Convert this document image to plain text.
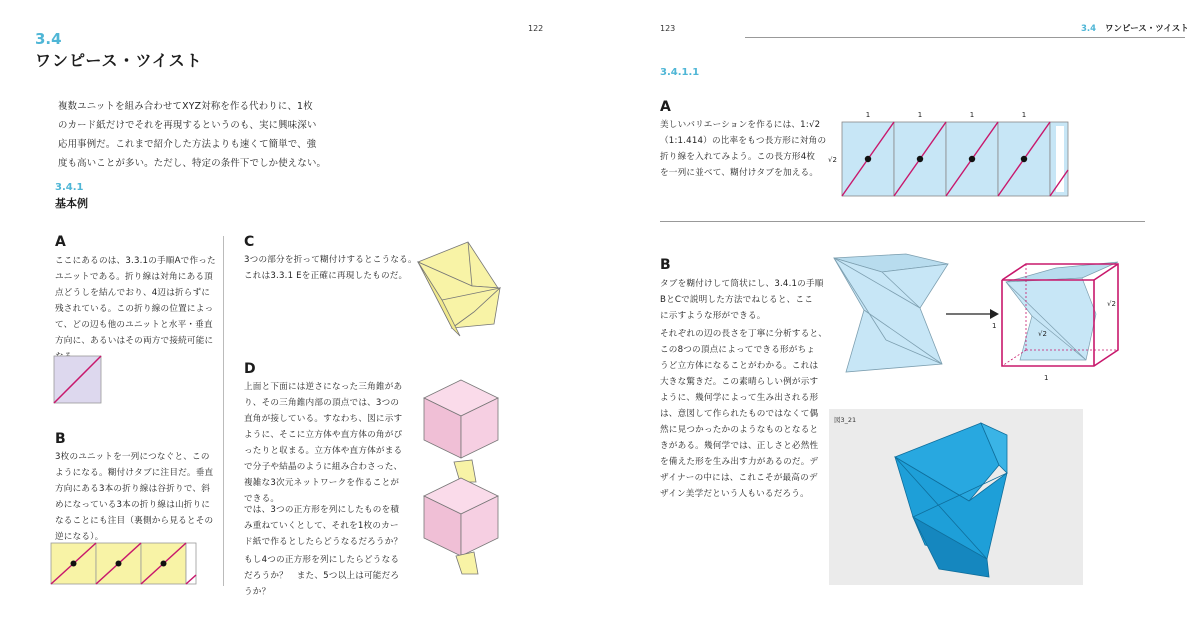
122
3.4
ワンピース・ツイスト
複数ユニットを組み合わせてXYZ対称を作る代わりに、1枚
のカード紙だけでそれを再現するというのも、実に興味深い
応用事例だ。これまで紹介した方法よりも速くて簡単で、強
度も高いことが多い。ただし、特定の条件下でしか使えない。
3.4.1
基本例
A
ここにあるのは、3.3.1の手順Aで作った
ユニットである。折り線は対角にある頂
点どうしを結んでおり、4辺は折らずに
残されている。この折り線の位置によっ
て、どの辺も他のユニットと水平・垂直
方向に、あるいはその両方で接続可能に
B
3枚のユニットを一列につなぐと、この
ようになる。糊付けタブに注目だ。垂直
方向にある3本の折り線は谷折りで、斜
めになっている3本の折り線は山折りに
なることにも注目（裏側から見るとその
逆になる）。
C
3つの部分を折って糊付けするとこうなる。
これは3.3.1 Eを正確に再現したものだ。
D
上面と下面には逆さになった三角錐があ
り、その三角錐内部の頂点では、3つの
直角が接している。すなわち、図に示す
ように、そこに立方体や直方体の角がぴ
ったりと収まる。立方体や直方体がまる
で分子や結晶のように組み合わさった、
複雑な3次元ネットワークを作ることが
できる。
では、3つの正方形を列にしたものを積
み重ねていくとして、それを1枚のカー
ド紙で作るとしたらどうなるだろうか？
もし4つの正方形を列にしたらどうなる
だろうか？　また、5つ以上は可能だろ
うか？
123	3.4 ワンピース・ツイスト
3.4.1.1
A
美しいバリエーションを作るには、1:√2
（1:1.414）の比率をもつ長方形に対角の
折り線を入れてみよう。この長方形4枚
を一列に並べて、糊付けタブを加える。
1	1	1	1
√2
B
タブを糊付けして筒状にし、3.4.1の手順
BとCで説明した方法でねじると、ここ
に示すような形ができる。
それぞれの辺の長さを丁寧に分析すると、
この8つの頂点によってできる形がちょ
うど立方体になることがわかる。これは
大きな驚きだ。この素晴らしい例が示す
ように、幾何学によって生み出される形
は、意図して作られたものではなくて偶
然に見つかったかのようなものとなると
きがある。幾何学では、正しさと必然性
を備えた形を生み出す力があるのだ。デ
ザイナーの中には、これこそが最高のデ
ザイン美学だという人もいるだろう。
1
1
√2
√2
図3_21
